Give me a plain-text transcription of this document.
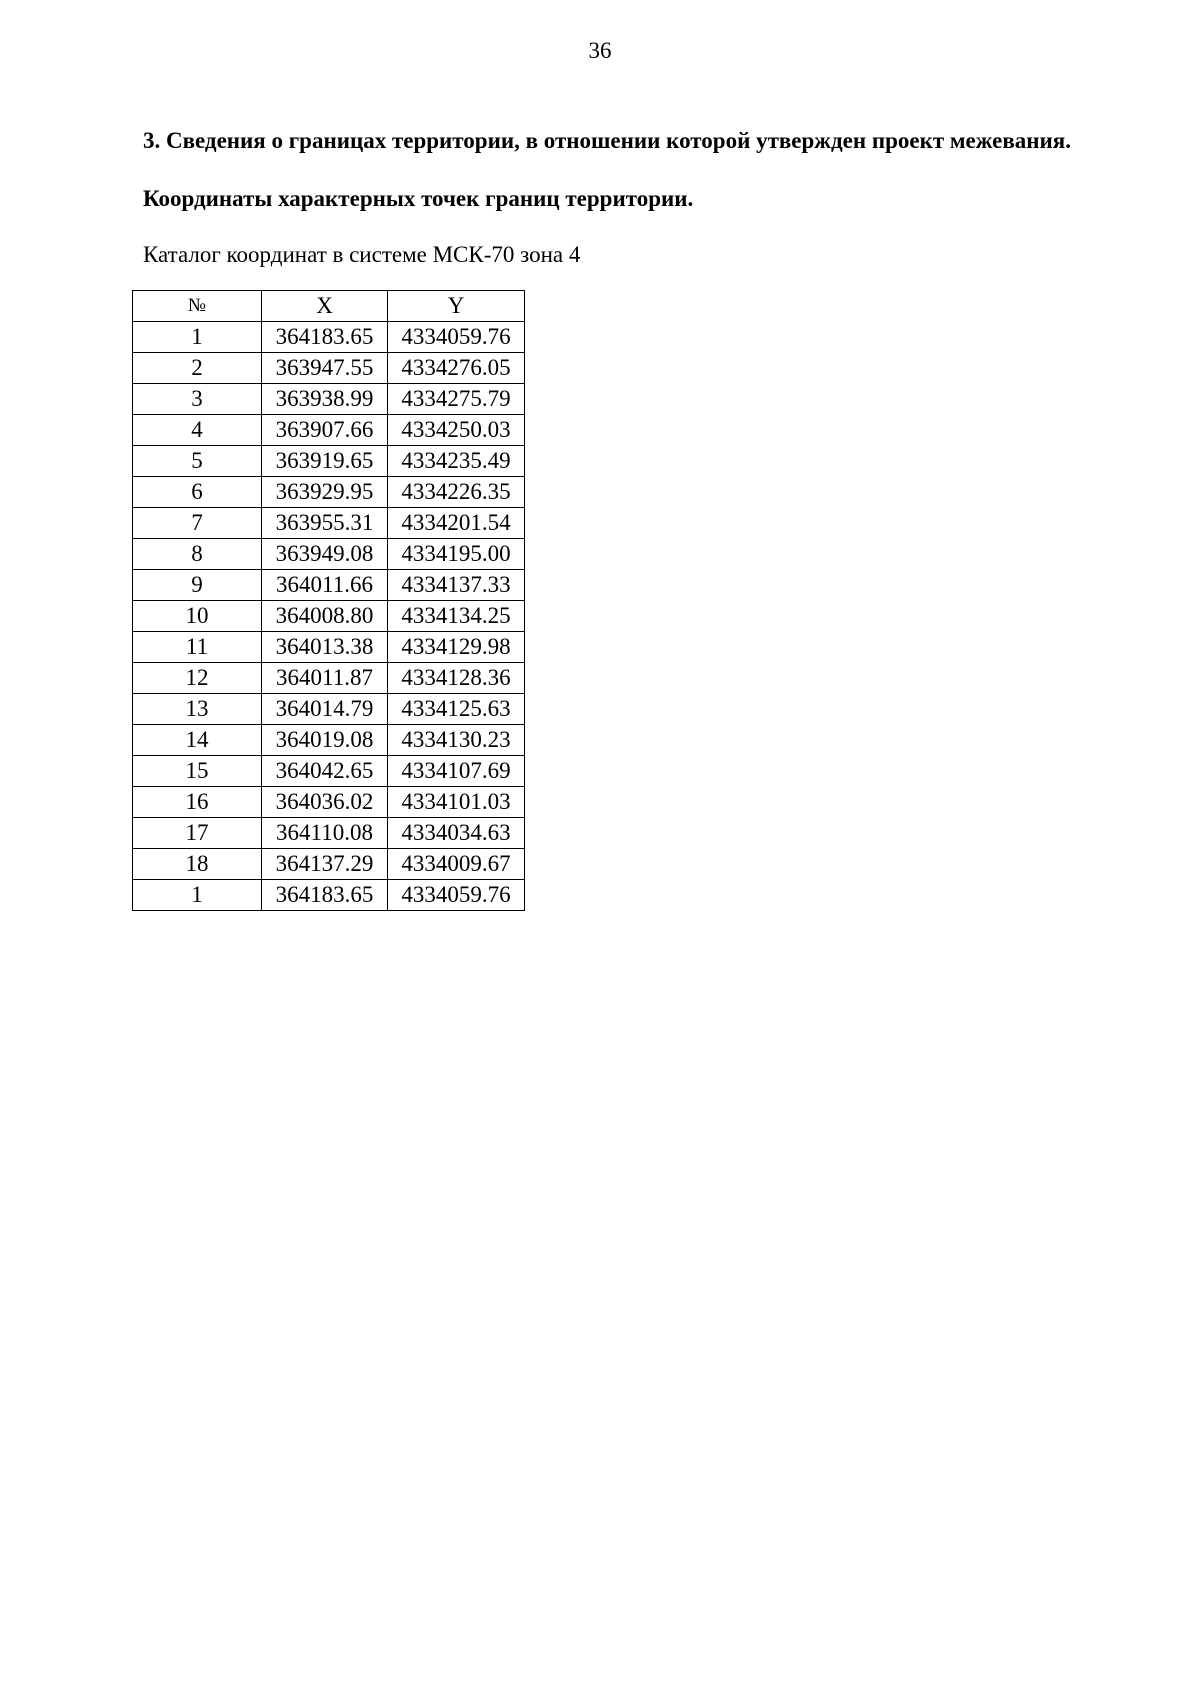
36
3. Сведения о границах территории, в отношении которой утвержден проект межевания.
Координаты характерных точек границ территории.
Каталог координат в системе МСК-70 зона 4
№	X	Y
1	364183.65	4334059.76
2	363947.55	4334276.05
3	363938.99	4334275.79
4	363907.66	4334250.03
5	363919.65	4334235.49
6	363929.95	4334226.35
7	363955.31	4334201.54
8	363949.08	4334195.00
9	364011.66	4334137.33
10	364008.80	4334134.25
11	364013.38	4334129.98
12	364011.87	4334128.36
13	364014.79	4334125.63
14	364019.08	4334130.23
15	364042.65	4334107.69
16	364036.02	4334101.03
17	364110.08	4334034.63
18	364137.29	4334009.67
1	364183.65	4334059.76
